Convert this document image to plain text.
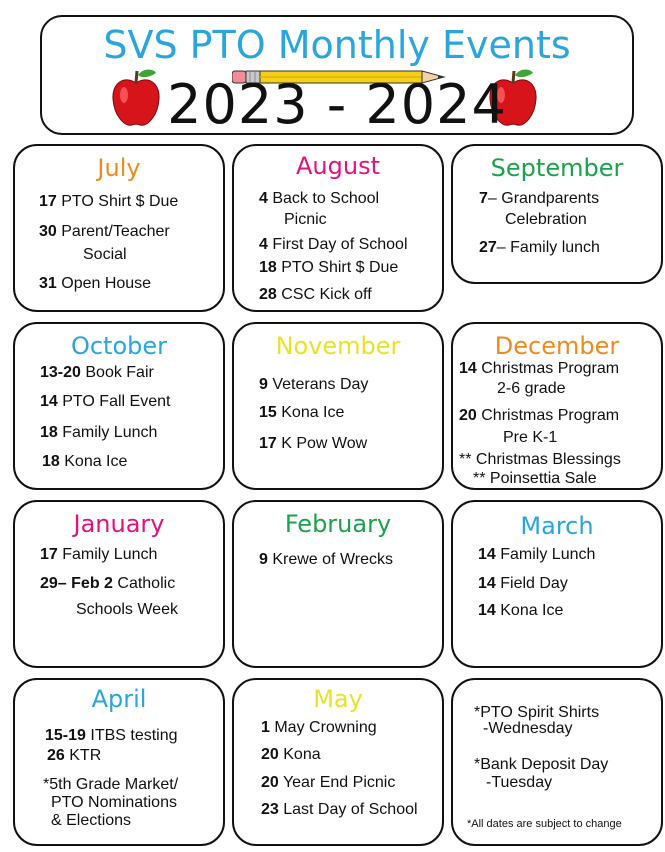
SVS PTO Monthly Events
2023 - 2024
July
17 PTO Shirt $ Due
30 Parent/Teacher
Social
31 Open House
August
4 Back to School
Picnic
4 First Day of School
18 PTO Shirt $ Due
28 CSC Kick off
September
7– Grandparents
Celebration
27– Family lunch
October
13-20 Book Fair
14 PTO Fall Event
18 Family Lunch
18 Kona Ice
November
9 Veterans Day
15 Kona Ice
17 K Pow Wow
December
14 Christmas Program
2-6 grade
20 Christmas Program
Pre K-1
** Christmas Blessings
** Poinsettia Sale
January
17 Family Lunch
29– Feb 2 Catholic
Schools Week
February
9 Krewe of Wrecks
March
14 Family Lunch
14 Field Day
14 Kona Ice
April
15-19 ITBS testing
26 KTR
*5th Grade Market/
PTO Nominations
& Elections
May
1 May Crowning
20 Kona
20 Year End Picnic
23 Last Day of School
*PTO Spirit Shirts
-Wednesday
*Bank Deposit Day
-Tuesday
*All dates are subject to change
